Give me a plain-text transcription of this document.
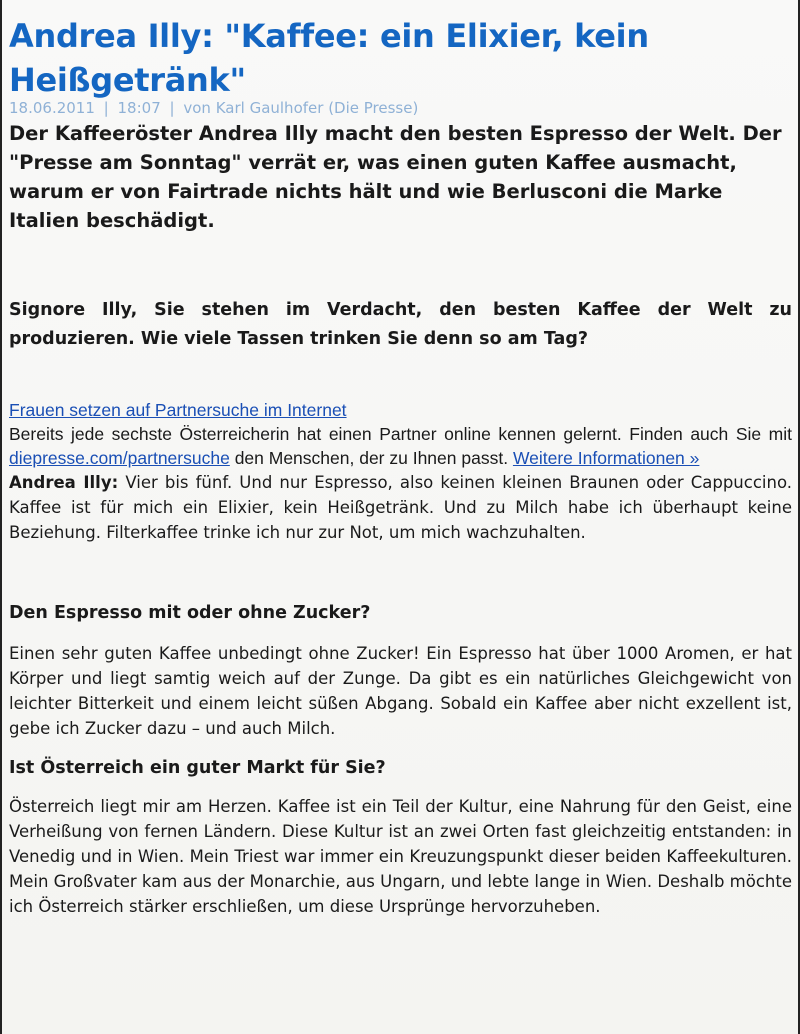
Andrea Illy: "Kaffee: ein Elixier, kein Heißgetränk"
18.06.2011 | 18:07 | von Karl Gaulhofer (Die Presse)

Der Kaffeeröster Andrea Illy macht den besten Espresso der Welt. Der "Presse am Sonntag" verrät er, was einen guten Kaffee ausmacht, warum er von Fairtrade nichts hält und wie Berlusconi die Marke Italien beschädigt.

Signore Illy, Sie stehen im Verdacht, den besten Kaffee der Welt zu produzieren. Wie viele Tassen trinken Sie denn so am Tag?

Frauen setzen auf Partnersuche im Internet
Bereits jede sechste Österreicherin hat einen Partner online kennen gelernt. Finden auch Sie mit diepresse.com/partnersuche den Menschen, der zu Ihnen passt. Weitere Informationen »

Andrea Illy: Vier bis fünf. Und nur Espresso, also keinen kleinen Braunen oder Cappuccino. Kaffee ist für mich ein Elixier, kein Heißgetränk. Und zu Milch habe ich überhaupt keine Beziehung. Filterkaffee trinke ich nur zur Not, um mich wachzuhalten.

Den Espresso mit oder ohne Zucker?

Einen sehr guten Kaffee unbedingt ohne Zucker! Ein Espresso hat über 1000 Aromen, er hat Körper und liegt samtig weich auf der Zunge. Da gibt es ein natürliches Gleichgewicht von leichter Bitterkeit und einem leicht süßen Abgang. Sobald ein Kaffee aber nicht exzellent ist, gebe ich Zucker dazu – und auch Milch.

Ist Österreich ein guter Markt für Sie?

Österreich liegt mir am Herzen. Kaffee ist ein Teil der Kultur, eine Nahrung für den Geist, eine Verheißung von fernen Ländern. Diese Kultur ist an zwei Orten fast gleichzeitig entstanden: in Venedig und in Wien. Mein Triest war immer ein Kreuzungspunkt dieser beiden Kaffeekulturen. Mein Großvater kam aus der Monarchie, aus Ungarn, und lebte lange in Wien. Deshalb möchte ich Österreich stärker erschließen, um diese Ursprünge hervorzuheben.
